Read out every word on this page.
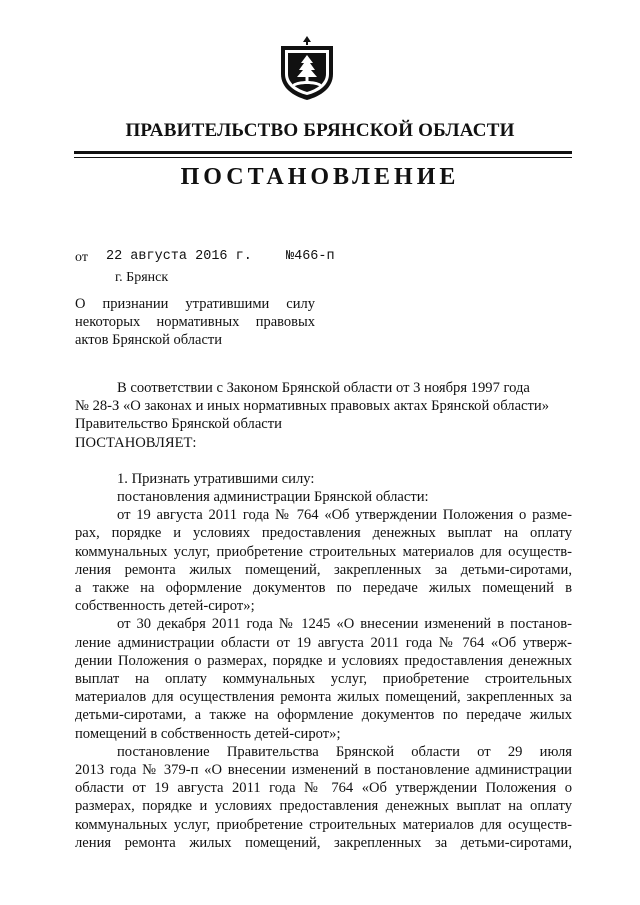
ПРАВИТЕЛЬСТВО БРЯНСКОЙ ОБЛАСТИ
ПОСТАНОВЛЕНИЕ
от 22 августа 2016 г.	№466-п
г. Брянск
О признании утратившими силу
некоторых нормативных правовых
актов Брянской области

В соответствии с Законом Брянской области от 3 ноября 1997 года

№ 28-З «О законах и иных нормативных правовых актах Брянской области»

Правительство Брянской области

ПОСТАНОВЛЯЕТ:

1. Признать утратившими силу:

постановления администрации Брянской области:

от 19 августа 2011 года № 764 «Об утверждении Положения о разме-
рах, порядке и условиях предоставления денежных выплат на оплату
коммунальных услуг, приобретение строительных материалов для осуществ-
ления ремонта жилых помещений, закрепленных за детьми-сиротами,
а также на оформление документов по передаче жилых помещений в
собственность детей-сирот»;

от 30 декабря 2011 года № 1245 «О внесении изменений в постанов-
ление администрации области от 19 августа 2011 года № 764 «Об утверж-
дении Положения о размерах, порядке и условиях предоставления денежных
выплат на оплату коммунальных услуг, приобретение строительных
материалов для осуществления ремонта жилых помещений, закрепленных за
детьми-сиротами, а также на оформление документов по передаче жилых
помещений в собственность детей-сирот»;

постановление Правительства Брянской области от 29 июля
2013 года № 379-п «О внесении изменений в постановление администрации
области от 19 августа 2011 года № 764 «Об утверждении Положения о
размерах, порядке и условиях предоставления денежных выплат на оплату
коммунальных услуг, приобретение строительных материалов для осуществ-
ления ремонта жилых помещений, закрепленных за детьми-сиротами,
